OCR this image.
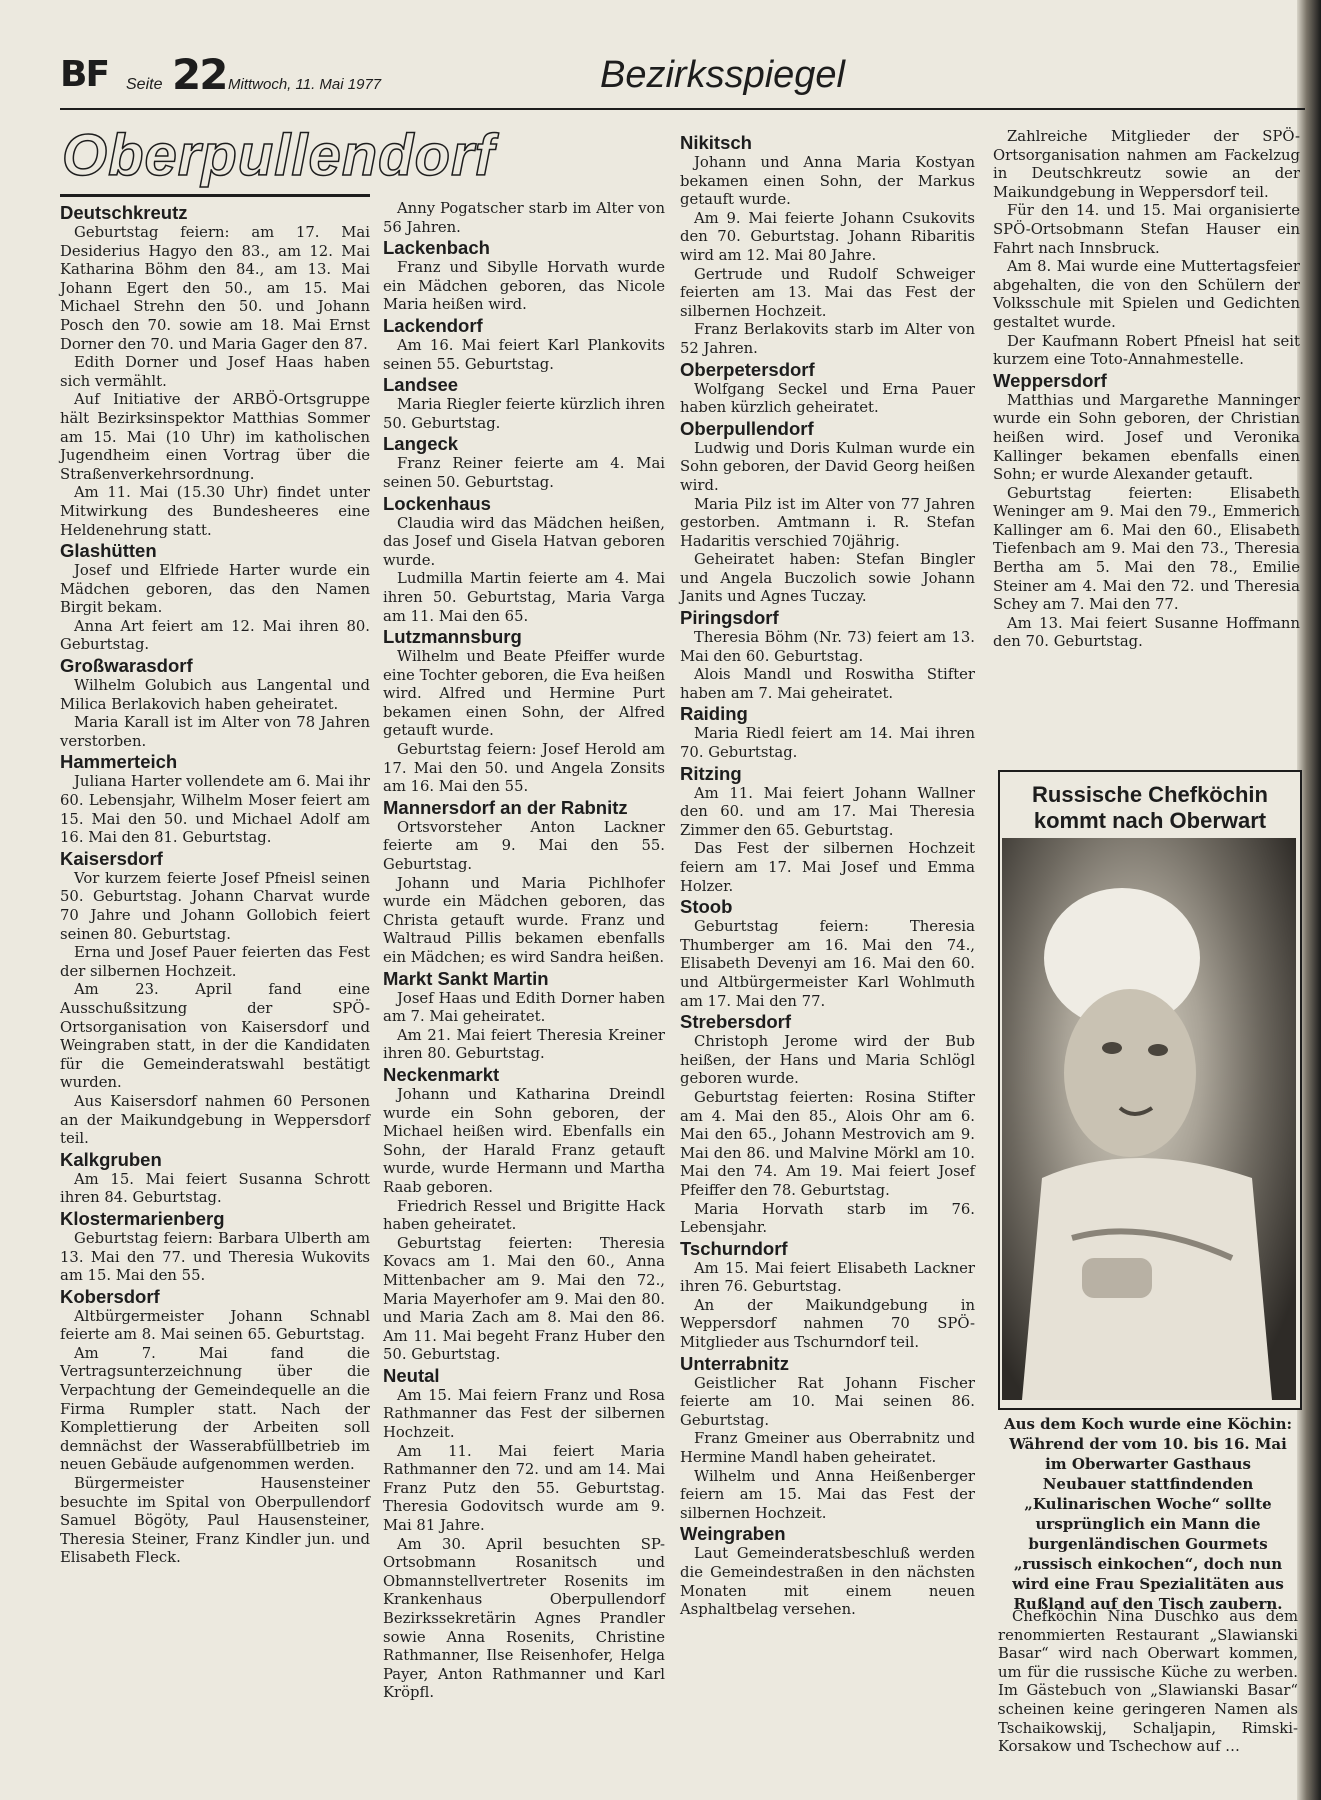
BF Seite 22 Mittwoch, 11. Mai 1977	Bezirksspiegel
Oberpullendorf
Deutschkreutz

Geburtstag feiern: am 17. Mai Desiderius Hagyo den 83., am 12. Mai Katharina Böhm den 84., am 13. Mai Johann Egert den 50., am 15. Mai Michael Strehn den 50. und Johann Posch den 70. sowie am 18. Mai Ernst Dorner den 70. und Maria Gager den 87.

Edith Dorner und Josef Haas haben sich vermählt.

Auf Initiative der ARBÖ-Ortsgruppe hält Bezirksinspektor Matthias Sommer am 15. Mai (10 Uhr) im katholischen Jugendheim einen Vortrag über die Straßenverkehrsordnung.

Am 11. Mai (15.30 Uhr) findet unter Mitwirkung des Bundesheeres eine Heldenehrung statt.

Glashütten

Josef und Elfriede Harter wurde ein Mädchen geboren, das den Namen Birgit bekam.

Anna Art feiert am 12. Mai ihren 80. Geburtstag.

Großwarasdorf

Wilhelm Golubich aus Langental und Milica Berlakovich haben geheiratet.

Maria Karall ist im Alter von 78 Jahren verstorben.

Hammerteich

Juliana Harter vollendete am 6. Mai ihr 60. Lebensjahr, Wilhelm Moser feiert am 15. Mai den 50. und Michael Adolf am 16. Mai den 81. Geburtstag.

Kaisersdorf

Vor kurzem feierte Josef Pfneisl seinen 50. Geburtstag. Johann Charvat wurde 70 Jahre und Johann Gollobich feiert seinen 80. Geburtstag.

Erna und Josef Pauer feierten das Fest der silbernen Hochzeit.

Am 23. April fand eine Ausschußsitzung der SPÖ-Ortsorganisation von Kaisersdorf und Weingraben statt, in der die Kandidaten für die Gemeinderatswahl bestätigt wurden.

Aus Kaisersdorf nahmen 60 Personen an der Maikundgebung in Weppersdorf teil.

Kalkgruben

Am 15. Mai feiert Susanna Schrott ihren 84. Geburtstag.

Klostermarienberg

Geburtstag feiern: Barbara Ulberth am 13. Mai den 77. und Theresia Wukovits am 15. Mai den 55.

Kobersdorf

Altbürgermeister Johann Schnabl feierte am 8. Mai seinen 65. Geburtstag.

Am 7. Mai fand die Vertragsunterzeichnung über die Verpachtung der Gemeindequelle an die Firma Rumpler statt. Nach der Komplettierung der Arbeiten soll demnächst der Wasserabfüllbetrieb im neuen Gebäude aufgenommen werden.

Bürgermeister Hausensteiner besuchte im Spital von Oberpullendorf Samuel Bögöty, Paul Hausensteiner, Theresia Steiner, Franz Kindler jun. und Elisabeth Fleck.

Anny Pogatscher starb im Alter von 56 Jahren.

Lackenbach

Franz und Sibylle Horvath wurde ein Mädchen geboren, das Nicole Maria heißen wird.

Lackendorf

Am 16. Mai feiert Karl Plankovits seinen 55. Geburtstag.

Landsee

Maria Riegler feierte kürzlich ihren 50. Geburtstag.

Langeck

Franz Reiner feierte am 4. Mai seinen 50. Geburtstag.

Lockenhaus

Claudia wird das Mädchen heißen, das Josef und Gisela Hatvan geboren wurde.

Ludmilla Martin feierte am 4. Mai ihren 50. Geburtstag, Maria Varga am 11. Mai den 65.

Lutzmannsburg

Wilhelm und Beate Pfeiffer wurde eine Tochter geboren, die Eva heißen wird. Alfred und Hermine Purt bekamen einen Sohn, der Alfred getauft wurde.

Geburtstag feiern: Josef Herold am 17. Mai den 50. und Angela Zonsits am 16. Mai den 55.

Mannersdorf an der Rabnitz

Ortsvorsteher Anton Lackner feierte am 9. Mai den 55. Geburtstag.

Johann und Maria Pichlhofer wurde ein Mädchen geboren, das Christa getauft wurde. Franz und Waltraud Pillis bekamen ebenfalls ein Mädchen; es wird Sandra heißen.

Markt Sankt Martin

Josef Haas und Edith Dorner haben am 7. Mai geheiratet.

Am 21. Mai feiert Theresia Kreiner ihren 80. Geburtstag.

Neckenmarkt

Johann und Katharina Dreindl wurde ein Sohn geboren, der Michael heißen wird. Ebenfalls ein Sohn, der Harald Franz getauft wurde, wurde Hermann und Martha Raab geboren.

Friedrich Ressel und Brigitte Hack haben geheiratet.

Geburtstag feierten: Theresia Kovacs am 1. Mai den 60., Anna Mittenbacher am 9. Mai den 72., Maria Mayerhofer am 9. Mai den 80. und Maria Zach am 8. Mai den 86. Am 11. Mai begeht Franz Huber den 50. Geburtstag.

Neutal

Am 15. Mai feiern Franz und Rosa Rathmanner das Fest der silbernen Hochzeit.

Am 11. Mai feiert Maria Rathmanner den 72. und am 14. Mai Franz Putz den 55. Geburtstag. Theresia Godovitsch wurde am 9. Mai 81 Jahre.

Am 30. April besuchten SP-Ortsobmann Rosanitsch und Obmannstellvertreter Rosenits im Krankenhaus Oberpullendorf Bezirkssekretärin Agnes Prandler sowie Anna Rosenits, Christine Rathmanner, Ilse Reisenhofer, Helga Payer, Anton Rathmanner und Karl Kröpfl.

Nikitsch

Johann und Anna Maria Kostyan bekamen einen Sohn, der Markus getauft wurde.

Am 9. Mai feierte Johann Csukovits den 70. Geburtstag. Johann Ribaritis wird am 12. Mai 80 Jahre.

Gertrude und Rudolf Schweiger feierten am 13. Mai das Fest der silbernen Hochzeit.

Franz Berlakovits starb im Alter von 52 Jahren.

Oberpetersdorf

Wolfgang Seckel und Erna Pauer haben kürzlich geheiratet.

Oberpullendorf

Ludwig und Doris Kulman wurde ein Sohn geboren, der David Georg heißen wird.

Maria Pilz ist im Alter von 77 Jahren gestorben. Amtmann i. R. Stefan Hadaritis verschied 70jährig.

Geheiratet haben: Stefan Bingler und Angela Buczolich sowie Johann Janits und Agnes Tuczay.

Piringsdorf

Theresia Böhm (Nr. 73) feiert am 13. Mai den 60. Geburtstag.

Alois Mandl und Roswitha Stifter haben am 7. Mai geheiratet.

Raiding

Maria Riedl feiert am 14. Mai ihren 70. Geburtstag.

Ritzing

Am 11. Mai feiert Johann Wallner den 60. und am 17. Mai Theresia Zimmer den 65. Geburtstag.

Das Fest der silbernen Hochzeit feiern am 17. Mai Josef und Emma Holzer.

Stoob

Geburtstag feiern: Theresia Thumberger am 16. Mai den 74., Elisabeth Devenyi am 16. Mai den 60. und Altbürgermeister Karl Wohlmuth am 17. Mai den 77.

Strebersdorf

Christoph Jerome wird der Bub heißen, der Hans und Maria Schlögl geboren wurde.

Geburtstag feierten: Rosina Stifter am 4. Mai den 85., Alois Ohr am 6. Mai den 65., Johann Mestrovich am 9. Mai den 86. und Malvine Mörkl am 10. Mai den 74. Am 19. Mai feiert Josef Pfeiffer den 78. Geburtstag.

Maria Horvath starb im 76. Lebensjahr.

Tschurndorf

Am 15. Mai feiert Elisabeth Lackner ihren 76. Geburtstag.

An der Maikundgebung in Weppersdorf nahmen 70 SPÖ-Mitglieder aus Tschurndorf teil.

Unterrabnitz

Geistlicher Rat Johann Fischer feierte am 10. Mai seinen 86. Geburtstag.

Franz Gmeiner aus Oberrabnitz und Hermine Mandl haben geheiratet.

Wilhelm und Anna Heißenberger feiern am 15. Mai das Fest der silbernen Hochzeit.

Weingraben

Laut Gemeinderatsbeschluß werden die Gemeindestraßen in den nächsten Monaten mit einem neuen Asphaltbelag versehen.

Zahlreiche Mitglieder der SPÖ-Ortsorganisation nahmen am Fackelzug in Deutschkreutz sowie an der Maikundgebung in Weppersdorf teil.

Für den 14. und 15. Mai organisierte SPÖ-Ortsobmann Stefan Hauser ein Fahrt nach Innsbruck.

Am 8. Mai wurde eine Muttertagsfeier abgehalten, die von den Schülern der Volksschule mit Spielen und Gedichten gestaltet wurde.

Der Kaufmann Robert Pfneisl hat seit kurzem eine Toto-Annahmestelle.

Weppersdorf

Matthias und Margarethe Manninger wurde ein Sohn geboren, der Christian heißen wird. Josef und Veronika Kallinger bekamen ebenfalls einen Sohn; er wurde Alexander getauft.

Geburtstag feierten: Elisabeth Weninger am 9. Mai den 79., Emmerich Kallinger am 6. Mai den 60., Elisabeth Tiefenbach am 9. Mai den 73., Theresia Bertha am 5. Mai den 78., Emilie Steiner am 4. Mai den 72. und Theresia Schey am 7. Mai den 77.

Am 13. Mai feiert Susanne Hoffmann den 70. Geburtstag.

Russische Chefköchin kommt nach Oberwart

Aus dem Koch wurde eine Köchin: Während der vom 10. bis 16. Mai im Oberwarter Gasthaus Neubauer stattfindenden „Kulinarischen Woche“ sollte ursprünglich ein Mann die burgenländischen Gourmets „russisch einkochen“, doch nun wird eine Frau Spezialitäten aus Rußland auf den Tisch zaubern.

Chefköchin Nina Duschko aus dem renommierten Restaurant „Slawianski Basar“ wird nach Oberwart kommen, um für die russische Küche zu werben. Im Gästebuch von „Slawianski Basar“ scheinen keine geringeren Namen als Tschaikowskij, Schaljapin, Rimski-Korsakow und Tschechow auf …
